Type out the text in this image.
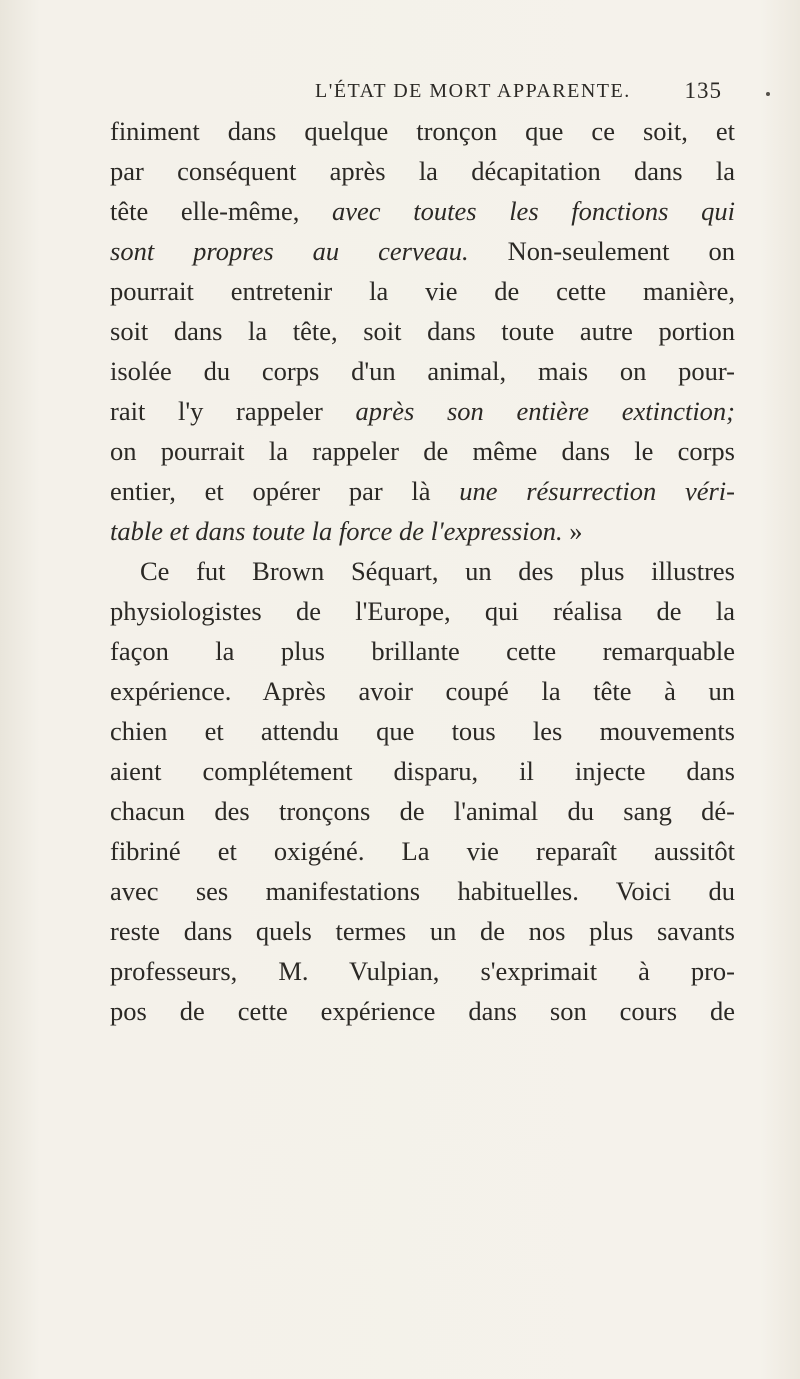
L'ÉTAT DE MORT APPARENTE. 135
finiment dans quelque tronçon que ce soit, et
par conséquent après la décapitation dans la
tête elle-même, avec toutes les fonctions qui
sont propres au cerveau. Non-seulement on
pourrait entretenir la vie de cette manière,
soit dans la tête, soit dans toute autre portion
isolée du corps d'un animal, mais on pour-
rait l'y rappeler après son entière extinction;
on pourrait la rappeler de même dans le corps
entier, et opérer par là une résurrection véri-
table et dans toute la force de l'expression. »
Ce fut Brown Séquart, un des plus illustres
physiologistes de l'Europe, qui réalisa de la
façon la plus brillante cette remarquable
expérience. Après avoir coupé la tête à un
chien et attendu que tous les mouvements
aient complétement disparu, il injecte dans
chacun des tronçons de l'animal du sang dé-
fibriné et oxigéné. La vie reparaît aussitôt
avec ses manifestations habituelles. Voici du
reste dans quels termes un de nos plus savants
professeurs, M. Vulpian, s'exprimait à pro-
pos de cette expérience dans son cours de
